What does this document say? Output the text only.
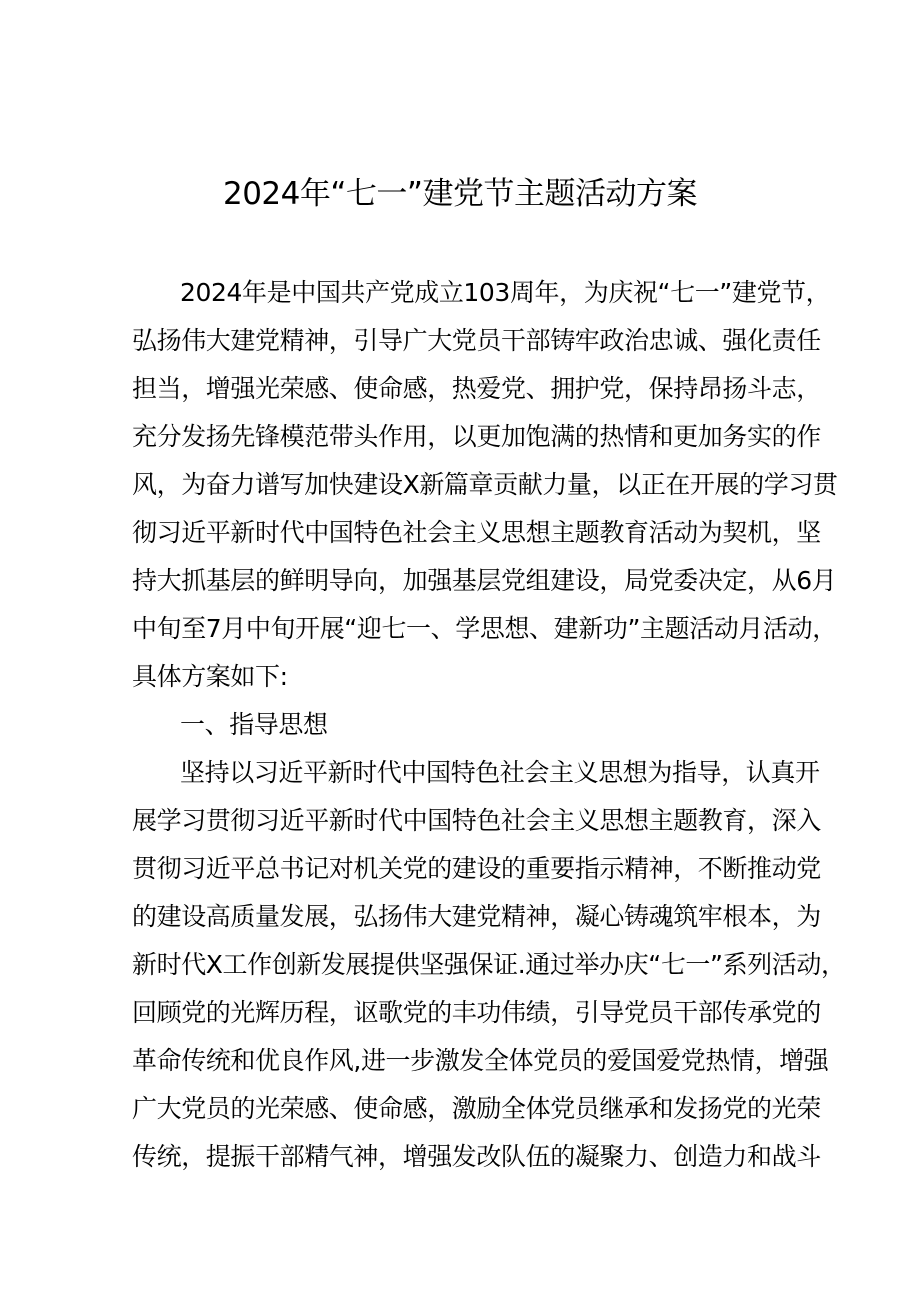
2024年“七一”建党节主题活动方案

2024年是中国共产党成立103周年，为庆祝“七一”建党节，

弘扬伟大建党精神，引导广大党员干部铸牢政治忠诚、强化责任

担当，增强光荣感、使命感，热爱党、拥护党，保持昂扬斗志，

充分发扬先锋模范带头作用，以更加饱满的热情和更加务实的作

风，为奋力谱写加快建设X新篇章贡献力量，以正在开展的学习贯

彻习近平新时代中国特色社会主义思想主题教育活动为契机，坚

持大抓基层的鲜明导向，加强基层党组建设，局党委决定，从6月

中旬至7月中旬开展“迎七一、学思想、建新功”主题活动月活动，

具体方案如下:

一、指导思想

坚持以习近平新时代中国特色社会主义思想为指导，认真开

展学习贯彻习近平新时代中国特色社会主义思想主题教育，深入

贯彻习近平总书记对机关党的建设的重要指示精神，不断推动党

的建设高质量发展，弘扬伟大建党精神，凝心铸魂筑牢根本，为

新时代X工作创新发展提供坚强保证.通过举办庆“七一”系列活动，

回顾党的光辉历程，讴歌党的丰功伟绩，引导党员干部传承党的

革命传统和优良作风,进一步激发全体党员的爱国爱党热情，增强

广大党员的光荣感、使命感，激励全体党员继承和发扬党的光荣

传统，提振干部精气神，增强发改队伍的凝聚力、创造力和战斗
